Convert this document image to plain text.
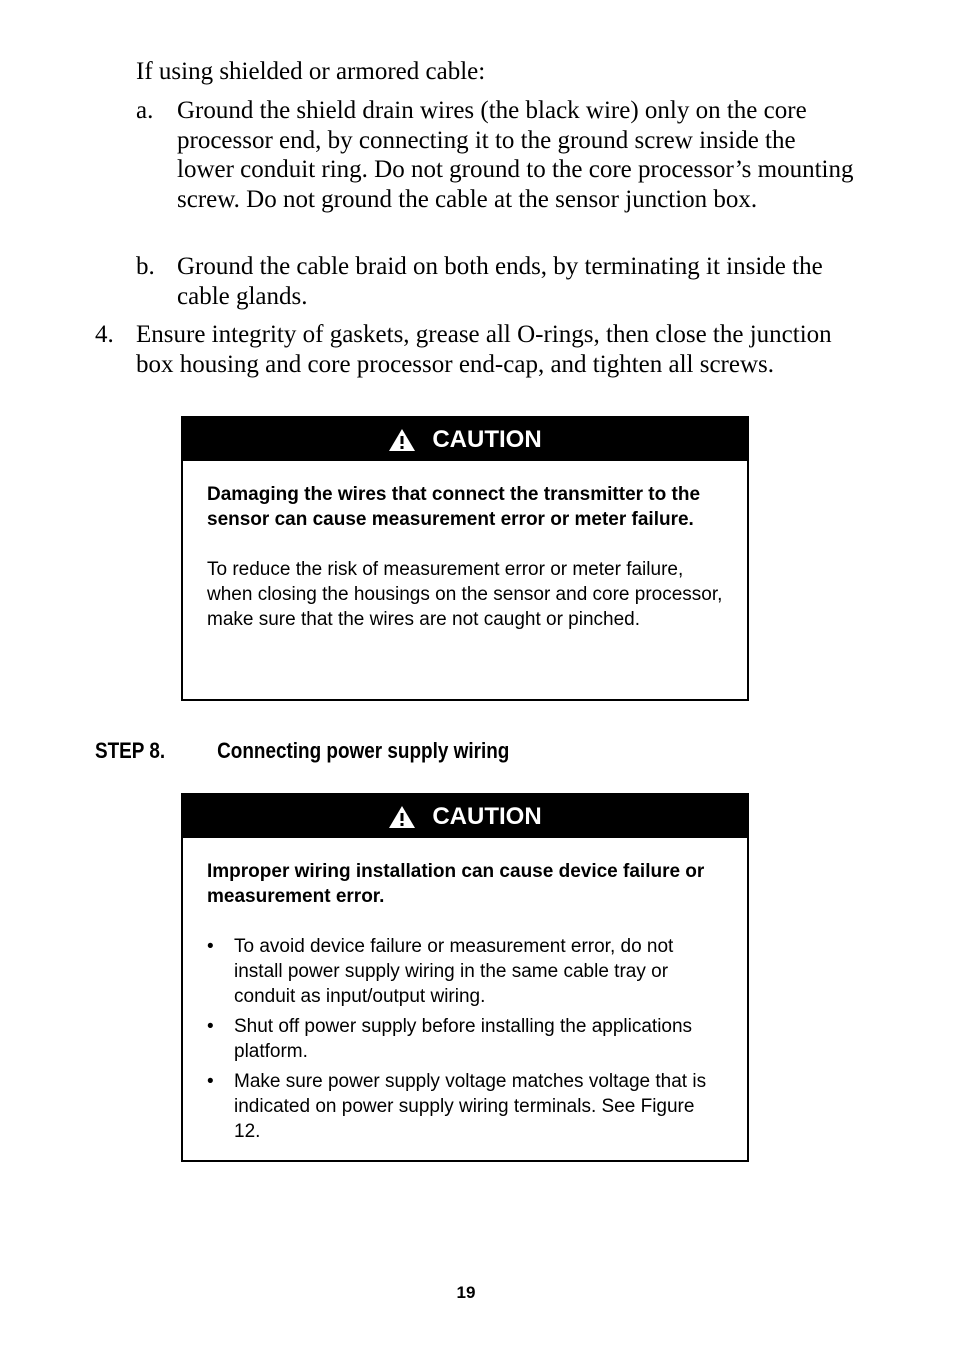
If using shielded or armored cable:
a. Ground the shield drain wires (the black wire) only on the core processor end, by connecting it to the ground screw inside the lower conduit ring. Do not ground to the core processor’s mounting screw. Do not ground the cable at the sensor junction box.
b. Ground the cable braid on both ends, by terminating it inside the cable glands.
4. Ensure integrity of gaskets, grease all O-rings, then close the junction box housing and core processor end-cap, and tighten all screws.
CAUTION

Damaging the wires that connect the transmitter to the sensor can cause measurement error or meter failure.

To reduce the risk of measurement error or meter failure, when closing the housings on the sensor and core processor, make sure that the wires are not caught or pinched.

STEP 8. Connecting power supply wiring
CAUTION

Improper wiring installation can cause device failure or measurement error.

• To avoid device failure or measurement error, do not install power supply wiring in the same cable tray or conduit as input/output wiring.
• Shut off power supply before installing the applications platform.
• Make sure power supply voltage matches voltage that is indicated on power supply wiring terminals. See Figure 12.
19
